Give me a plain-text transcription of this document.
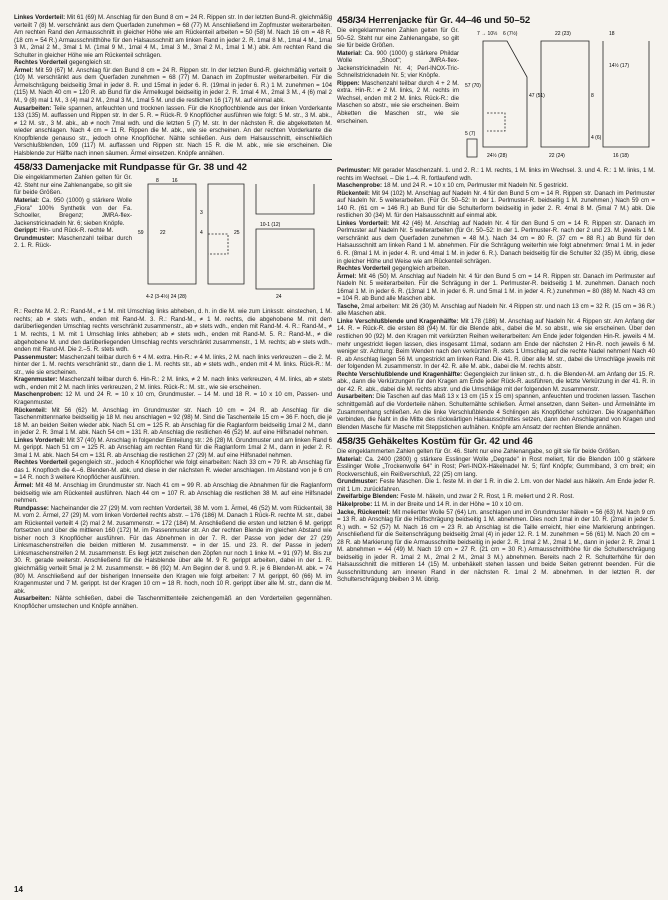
Linkes Vorderteil: Mit 61 (69) M. Anschlag für den Bund 8 cm = 24 R. Rippen str. In der letzten Bund-R. gleichmäßig verteilt 7 (8) M. verschränkt aus dem Querfaden zunehmen = 68 (77) M. Anschließend im Zopfmuster weiterarbeiten. Am rechten Rand den Armausschnitt in gleicher Höhe wie am Rückenteil arbeiten = 50 (58) M. Nach 16 cm = 48 R. (18 cm = 54 R.) Armausschnitthöhe für den Halsausschnitt am linken Rand in jeder 2. R. 1mal 8 M., 1mal 4 M., 1mal 3 M., 2mal 2 M., 3mal 1 M. (1mal 9 M., 1mal 4 M., 1mal 3 M., 3mal 2 M., 1mal 1 M.) abk. Am rechten Rand die Schulter in gleicher Höhe wie am Rückenteil schrägen.

Rechtes Vorderteil gegengleich str.

Ärmel: Mit 59 (67) M. Anschlag für den Bund 8 cm = 24 R. Rippen str. In der letzten Bund-R. gleichmäßig verteilt 9 (10) M. verschränkt aus dem Querfaden zunehmen = 68 (77) M. Danach im Zopfmuster weiterarbeiten. Für die Ärmelschrägung beidseitig 3mal in jeder 8. R. und 15mal in jeder 6. R. (19mal in jeder 6. R.) 1 M. zunehmen = 104 (115) M. Nach 40 cm = 120 R. ab Bund für die Ärmelkugel beidseitig in jeder 2. R. 1mal 4 M., 2mal 3 M., 4 (6) mal 2 M., 9 (8) mal 1 M., 3 (4) mal 2 M., 2mal 3 M., 1mal 5 M. und die restlichen 16 (17) M. auf einmal abk.

Ausarbeiten: Teile spannen, anfeuchten und trocknen lassen. Für die Knopflochblende aus der linken Vorderkante 133 (135) M. auffassen und Rippen str. In der 5. R. = Rück-R. 9 Knopflöcher ausführen wie folgt: 5 M. str., 3 M. abk., ≠ 12 M. str., 3 M. abk., ab ≠ noch 7mal wdh. und die letzten 5 (7) M. str. In der nächsten R. die abgeketteten M. wieder anschlagen. Nach 4 cm = 11 R. Rippen die M. abk., wie sie erscheinen. An der rechten Vorderkante die Knopfblende genauso str., jedoch ohne Knopflöcher. Nähte schließen. Aus dem Halsausschnitt, einschließlich Verschlußblenden, 109 (117) M. auffassen und Rippen str. Nach 15 R. die M. abk., wie sie erscheinen. Die Halsblende zur Hälfte nach innen säumen. Ärmel einsetzen. Knöpfe annähen.

458/33 Damenjacke mit Rundpasse für Gr. 38 und 42
8	16
3
4
22	25
59
4-2 (3-4½) 24 (28)
10-1 (12)
24

Die eingeklammerten Zahlen gelten für Gr. 42. Steht nur eine Zahlenangabe, so gilt sie für beide Größen.

Material: Ca. 950 (1000) g stärkere Wolle „Fiora" 100% Synthetik von der Fa. Schoeller, Bregenz; JMRA-flex-Jackenstricknadeln Nr. 6; sieben Knöpfe.

Gerippt: Hin- und Rück-R. rechte M.

Grundmuster: Maschenzahl teilbar durch 2. 1. R. Rück-

R.: Rechte M. 2. R.: Rand-M., ≠ 1 M. mit Umschlag links abheben, d. h. in die M. wie zum Linksstr. einstechen, 1 M. rechts; ab ≠ stets wdh., enden mit Rand-M. 3. R.: Rand-M., ≠ 1 M. rechts, die abgehobene M. mit dem darüberliegenden Umschlag rechts verschränkt zusammenstr., ab ≠ stets wdh., enden mit Rand-M. 4. R.: Rand-M., ≠ 1 M. rechts, 1 M. mit 1 Umschlag links abheben; ab ≠ stets wdh., enden mit Rand-M. 5. R.: Rand-M., ≠ die abgehobene M. und den darüberliegenden Umschlag rechts verschränkt zusammenstr., 1 M. rechts; ab ≠ stets wdh., enden mit Rand-M. Die 2.–5. R. stets wdh.

Passenmuster: Maschenzahl teilbar durch 6 + 4 M. extra. Hin-R.: ≠ 4 M. links, 2 M. nach links verkreuzen – die 2. M. hinter der 1. M. rechts verschränkt str., dann die 1. M. rechts str., ab ≠ stets wdh., enden mit 4 M. links. Rück-R.: M. str., wie sie erscheinen.

Kragenmuster: Maschenzahl teilbar durch 6. Hin-R.: 2 M. links, ≠ 2 M. nach links verkreuzen, 4 M. links, ab ≠ stets wdh., enden mit 2 M. nach links verkreuzen, 2 M. links. Rück-R.: M. str., wie sie erscheinen.

Maschenproben: 12 M. und 24 R. = 10 x 10 cm, Grundmuster. – 14 M. und 18 R. = 10 x 10 cm, Passen- und Kragenmuster.

Rückenteil: Mit 56 (62) M. Anschlag im Grundmuster str. Nach 10 cm = 24 R. ab Anschlag für die Taschenmittenrnarke beidseitig je 18 M. neu anschlagen = 92 (98) M. Sind die Taschenteile 15 cm = 36 F. hoch, die je 18 M. an beiden Seiten wieder abk. Nach 51 cm = 125 R. ab Anschlag für die Raglanform beidseitig 1mal 2 M., dann in jeder 2. R. 3mal 1 M. abk. Nach 54 cm = 131 R. ab Anschlag die restlichen 46 (52) M. auf eine Hilfsnadel nehmen.

Linkes Vorderteil: Mit 37 (40) M. Anschlag in folgender Einteilung str.: 26 (28) M. Grundmuster und am linken Rand 6 M. gerippt. Nach 51 cm = 125 R. ab Anschlag am rechten Rand für die Raglanform 1mal 2 M., dann in jeder 2. R. 3mal 1 M. abk. Nach 54 cm = 131 R. ab Anschlag die restlichen 27 (29) M. auf eine Hilfsnadel nehmen.

Rechtes Vorderteil gegengleich str., jedoch 4 Knopflöcher wie folgt einarbeiten: Nach 33 cm = 79 R. ab Anschlag für das 1. Knopfloch die 4.–6. Blenden-M. abk. und diese in der nächsten R. wieder anschlagen. Im Abstand von je 6 cm = 14 R. noch 3 weitere Knopflöcher ausführen.

Ärmel: Mit 48 M. Anschlag im Grundmuster str. Nach 41 cm = 99 R. ab Anschlag die Abnahmen für die Raglanform beidseitig wie am Rückenteil ausführen. Nach 44 cm = 107 R. ab Anschlag die restlichen 38 M. auf eine Hilfsnadel nehmen.

Rundpasse: Nacheinander die 27 (29) M. vom rechten Vorderteil, 38 M. vom 1. Ärmel, 46 (52) M. vom Rückenteil, 38 M. vom 2. Ärmel, 27 (29) M. vom linken Vorderteil rechts abstr. – 176 (186) M. Danach 1 Rück-R. rechte M. str., dabei am Rückenteil verteilt 4 (2) mal 2 M. zusammenstr. = 172 (184) M. Anschließend die ersten und letzten 6 M. gerippt fortsetzen und über die mittleren 160 (172) M. im Passenmuster str. An der rechten Blende im gleichen Abstand wie bisher noch 3 Knopflöcher ausführen. Für das Abnehmen in der 7. R. der Passe von jeder der 27 (29) Linksmaschenstreifen die beiden mittleren M. zusammenstr. = in der 15. und 23. R. der Passe in jedem Linksmaschenstreifen 2 M. zusammenstr. Es liegt jetzt zwischen den Zöpfen nur noch 1 linke M. = 91 (97) M. Bis zur 30. R. gerade weiterstr. Anschließend für die Halsblende über alle M. 9 R. gerippt arbeiten, dabei in der 1. R. gleichmäßig verteilt 5mal je 2 M. zusammenstr. = 86 (92) M. Am Beginn der 8. und 9. R. je 6 Blenden-M. abk. = 74 (80) M. Anschließend auf der bisherigen Innenseite den Kragen wie folgt arbeiten: 7 M. gerippt, 60 (66) M. im Kragenmuster und 7 M. gerippt. Ist der Kragen 10 cm = 18 R. hoch, noch 10 R. gerippt über alle M. str., dann die M. abk.

Ausarbeiten: Nähte schließen, dabei die Taschenmittenteile zeichengemäß an den Vorderteilen gegennähen. Knopflöcher umstechen und Knöpfe annähen.

458/34 Herrenjacke für Gr. 44–46 und 50–52
7 → 10½ 6 (7½)	22 (23)	18
47 (51)	8
24½ (28)
5 (7)
22 (24)
57 (70)
4 (6)
16 (18)
14½ (17)

Die eingeklammerten Zahlen gelten für Gr. 50–52. Steht nur eine Zahlenangabe, so gilt sie für beide Größen.

Material: Ca. 900 (1000) g stärkere Phildar Wolle „Shoot"; JMRA-flex-Jackenstricknadeln Nr. 4; Perl-INOX-Tric-Schnellstricknadeln Nr. 5; vier Knöpfe.

Rippen: Maschenzahl teilbar durch 4 + 2 M. extra. Hin-R.: ≠ 2 M. links, 2 M. rechts im Wechsel, enden mit 2 M. links. Rück-R.: die Maschen so abstr., wie sie erscheinen. Beim Abketten die Maschen str., wie sie erscheinen.

Perlmuster: Mit gerader Maschenzahl. 1. und 2. R.: 1 M. rechts, 1 M. links im Wechsel. 3. und 4. R.: 1 M. links, 1 M. rechts im Wechsel. – Die 1.–4. R. fortlaufend wdh.

Maschenprobe: 18 M. und 24 R. = 10 x 10 cm, Perlmuster mit Nadeln Nr. 5 gestrickt.

Rückenteil: Mit 94 (102) M. Anschlag auf Nadeln Nr. 4 für den Bund 5 cm = 14 R. Rippen str. Danach im Perlmuster auf Nadeln Nr. 5 weiterarbeiten. (Für Gr. 50–52: In der 1. Perlmuster-R. beidseitig 1 M. zunehmen.) Nach 59 cm = 140 R. (61 cm = 146 R.) ab Bund für die Schulterform beidseitig in jeder 2. R. 4mal 8 M. (5mal 7 M.) abk. Die restlichen 30 (34) M. für den Halsausschnitt auf einmal abk.

Linkes Vorderteil: Mit 42 (46) M. Anschlag auf Nadeln Nr. 4 für den Bund 5 cm = 14 R. Rippen str. Danach im Perlmuster auf Nadeln Nr. 5 weiterarbeiten (für Gr. 50–52: In der 1. Perlmuster-R. nach der 2 und 23. M. jeweils 1 M. verschränkt aus dem Querfaden zunehmen = 48 M.). Nach 34 cm = 80 R. (37 cm = 88 R.) ab Bund für den Halsausschnitt am linken Rand 1 M. abnehmen. Für die Schrägung weiterhin wie folgt abnehmen: 9mal 1 M. in jeder 6. R. (8mal 1 M. in jeder 4. R. und 4mal 1 M. in jeder 6. R.). Danach beidseitig für die Schulter 32 (35) M. übrig, diese in gleicher Höhe und Weise wie am Rückenteil schrägen.

Rechtes Vorderteil gegengleich arbeiten.

Ärmel: Mit 46 (50) M. Anschlag auf Nadeln Nr. 4 für den Bund 5 cm = 14 R. Rippen str. Danach im Perlmuster auf Nadeln Nr. 5 weiterarbeiten. Für die Schrägung in der 1. Perlmuster-R. beidseitig 1 M. zunehmen. Danach noch 16mal 1 M. in jeder 6. R. (13mal 1 M. in jeder 6. R. und 5mal 1 M. in jeder 4. R.) zunehmen = 80 (88) M. Nach 43 cm = 104 R. ab Bund alle Maschen abk.

Tasche, 2mal arbeiten: Mit 26 (30) M. Anschlag auf Nadeln Nr. 4 Rippen str. und nach 13 cm = 32 R. (15 cm = 36 R.) alle Maschen abk.

Linke Verschlußblende und Kragenhälfte: Mit 178 (186) M. Anschlag auf Nadeln Nr. 4 Rippen str. Am Anfang der 14. R. = Rück-R. die ersten 88 (94) M. für die Blende abk., dabei die M. so abstr., wie sie erscheinen. Über den restlichen 90 (92) M. den Kragen mit verkürzten Reihen weiterarbeiten: Am Ende jeder folgenden Hin-R. jeweils 4 M. mehr ungestrickt liegen lassen, dies insgesamt 11mal, sodann am Ende der nächsten 2 Hin-R. noch jeweils 6 M. weniger str. Achtung: Beim Wenden nach den verkürzten R. stets 1 Umschlag auf die rechte Nadel nehmen! Nach 40 R. ab Anschlag liegen 56 M. ungestrickt am linken Rand. Die 41. R. über alle M. str., dabei die Umschläge jeweils mit der folgenden M. zusammenstr. In der 42. R. alle M. abk., dabei die M. rechts abstr.

Rechte Verschlußblende und Kragenhälfte: Gegengleich zur linken str., d. h. die Blenden-M. am Anfang der 15. R. abk., dann die Verkürzungen für den Kragen am Ende jeder Rück-R. ausführen, die letzte Verkürzung in der 41. R. in der 42. R. abk., dabei die M. rechts abstr. und die Umschläge mit der folgenden M. zusammenstr.

Ausarbeiten: Die Taschen auf das Maß 13 x 13 cm (15 x 15 cm) spannen, anfeuchten und trocknen lassen. Taschen schnittgemäß auf die Vorderteile nähen. Schulternähte schließen. Ärmel ansetzen, dann Seiten- und Ärmelnähte im Zusammenhang schließen. An die linke Verschlußblende 4 Schlingen als Knopflöcher schürzen. Die Kragenhälften verbinden, die Naht in die Mitte des rückwärtigen Halsausschnittes setzen, dann den Anschlagrand von Kragen und Blenden Masche für Masche mit Steppstichen aufnähen. Knöpfe am Ansatz der rechten Blende annähen.

458/35 Gehäkeltes Kostüm für Gr. 42 und 46

Die eingeklammerten Zahlen gelten für Gr. 46. Steht nur eine Zahlenangabe, so gilt sie für beide Größen.

Material: Ca. 2400 (2800) g stärkere Esslinger Wolle „Degrade" in Rost meliert, für die Blenden 100 g stärkere Esslinger Wolle „Trockenwolle 64" in Rost; Perl-INOX-Häkelnadel Nr. 5; fünf Knöpfe; Gummiband, 3 cm breit; ein Rockverschluß, ein Reißverschluß, 22 (25) cm lang.

Grundmuster: Feste Maschen. Die 1. feste M. in der 1 R. in die 2. Lm. von der Nadel aus häkeln. Am Ende jeder R. mit 1 Lm. zurückfahren.

Zweifarbige Blenden: Feste M. häkeln, und zwar 2 R. Rost, 1 R. meliert und 2 R. Rost.

Häkelprobe: 11 M. in der Breite und 14 R. in der Höhe = 10 x 10 cm.

Jacke, Rückenteil: Mit meliertter Wolle 57 (64) Lm. anschlagen und im Grundmuster häkeln = 56 (63) M. Nach 9 cm = 13 R. ab Anschlag für die Hüftschrägung beidseitig 1 M. abnehmen. Dies noch 1mal in der 10. R. (2mal in jeder 5. R.) wdh. = 52 (57) M. Nach 16 cm = 23 R. ab Anschlag ist die Taille erreicht, hier eine Markierung anbringen. Anschließend für die Seitenschrägung beidseitig 2mal (4) in jeder 12. R. 1 M. zunehmen = 56 (61) M. Nach 20 cm = 28 R. ab Markierung für die Armausschnitte beidseitig in jeder 2. R. 1mal 2 M., 2mal 1 M., dann in jeder 2. R. 2mal 1 M. abnehmen = 44 (49) M. Nach 19 cm = 27 R. (21 cm = 30 R.) Armausschnitthöhe für die Schulterschrägung beidseitig in jeder R. 1mal 2 M., 2mal 2 M., 2mal 3 M.) abnehmen. Bereits nach 2 R. Schulterhöhe für den Halsausschnitt die mittleren 14 (15) M. unbehäkelt stehen lassen und beide Seiten getrennt beenden. Für die Ausschnittrundung am inneren Rand in der nächsten R. 1mal 2 M. abnehmen. In der letzten R. der Schulterschrägung bleiben 3 M. übrig.

14
